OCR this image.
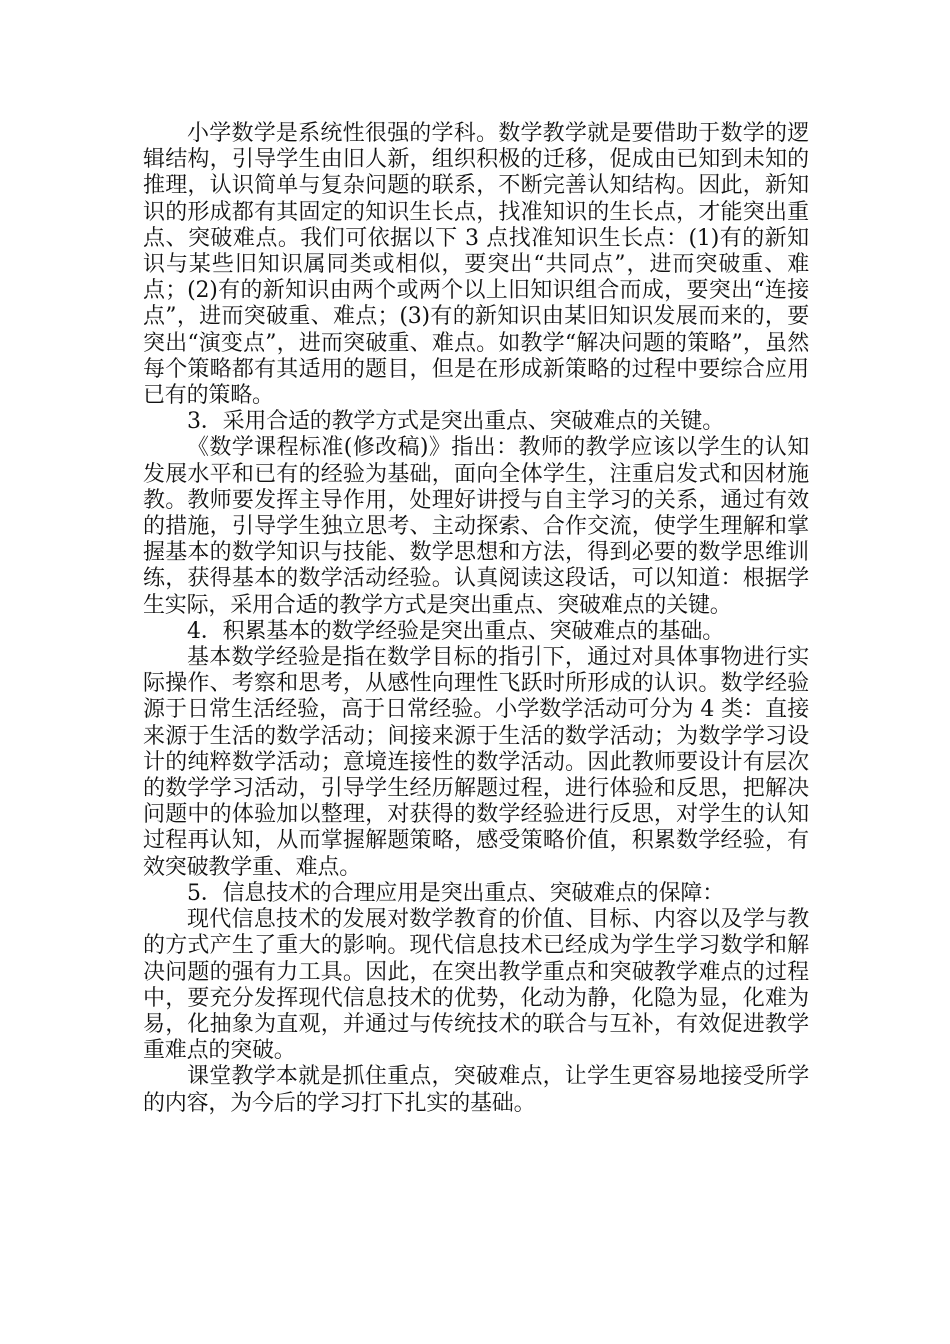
小学数学是系统性很强的学科。数学教学就是要借助于数学的逻辑结构，引导学生由旧人新，组织积极的迁移，促成由已知到未知的推理，认识简单与复杂问题的联系，不断完善认知结构。因此，新知识的形成都有其固定的知识生长点，找准知识的生长点，才能突出重点、突破难点。我们可依据以下 3 点找准知识生长点：(1)有的新知识与某些旧知识属同类或相似，要突出“共同点”，进而突破重、难点；(2)有的新知识由两个或两个以上旧知识组合而成，要突出“连接点”，进而突破重、难点；(3)有的新知识由某旧知识发展而来的，要突出“演变点”，进而突破重、难点。如教学“解决问题的策略”，虽然每个策略都有其适用的题目，但是在形成新策略的过程中要综合应用已有的策略。

3．采用合适的教学方式是突出重点、突破难点的关键。

《数学课程标准(修改稿)》指出：教师的教学应该以学生的认知发展水平和已有的经验为基础，面向全体学生，注重启发式和因材施教。教师要发挥主导作用，处理好讲授与自主学习的关系，通过有效的措施，引导学生独立思考、主动探索、合作交流，使学生理解和掌握基本的数学知识与技能、数学思想和方法，得到必要的数学思维训练，获得基本的数学活动经验。认真阅读这段话，可以知道：根据学生实际，采用合适的教学方式是突出重点、突破难点的关键。

4．积累基本的数学经验是突出重点、突破难点的基础。

基本数学经验是指在数学目标的指引下，通过对具体事物进行实际操作、考察和思考，从感性向理性飞跃时所形成的认识。数学经验源于日常生活经验，高于日常经验。小学数学活动可分为 4 类：直接来源于生活的数学活动；间接来源于生活的数学活动；为数学学习设计的纯粹数学活动；意境连接性的数学活动。因此教师要设计有层次的数学学习活动，引导学生经历解题过程，进行体验和反思，把解决问题中的体验加以整理，对获得的数学经验进行反思，对学生的认知过程再认知，从而掌握解题策略，感受策略价值，积累数学经验，有效突破教学重、难点。

5．信息技术的合理应用是突出重点、突破难点的保障：

现代信息技术的发展对数学教育的价值、目标、内容以及学与教的方式产生了重大的影响。现代信息技术已经成为学生学习数学和解决问题的强有力工具。因此，在突出教学重点和突破教学难点的过程中，要充分发挥现代信息技术的优势，化动为静，化隐为显，化难为易，化抽象为直观，并通过与传统技术的联合与互补，有效促进教学重难点的突破。

课堂教学本就是抓住重点，突破难点，让学生更容易地接受所学的内容，为今后的学习打下扎实的基础。
